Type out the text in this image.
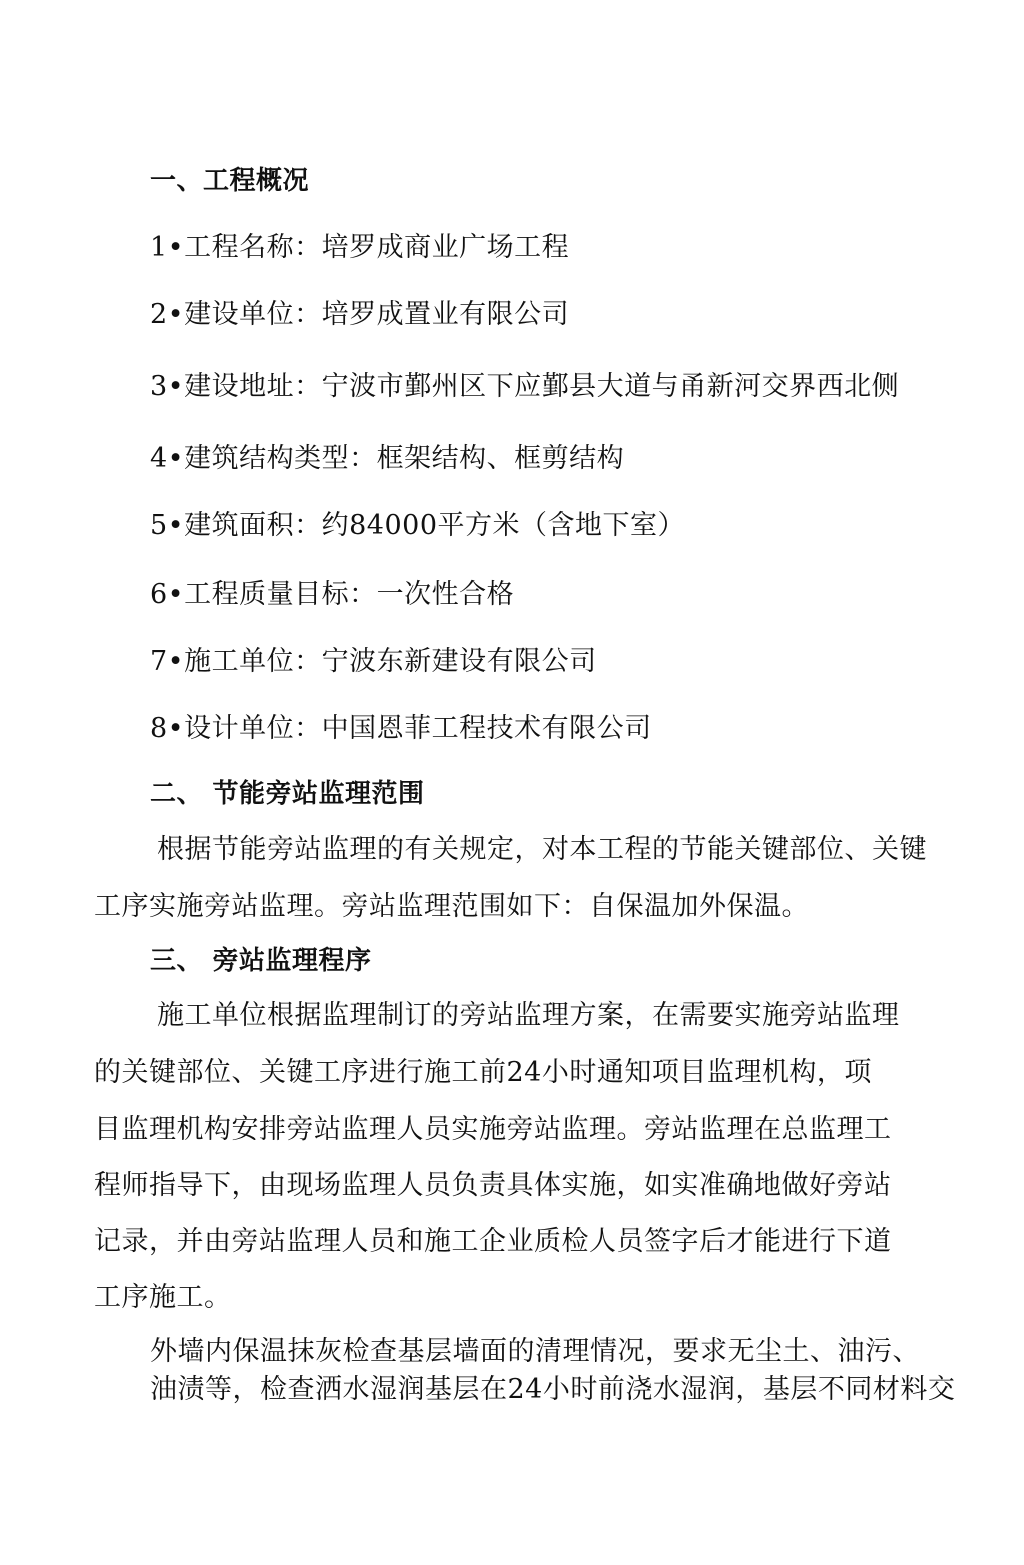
一、工程概况
1•工程名称：培罗成商业广场工程
2•建设单位：培罗成置业有限公司
3•建设地址：宁波市鄞州区下应鄞县大道与甬新河交界西北侧
4•建筑结构类型：框架结构、框剪结构
5•建筑面积：约84000平方米（含地下室）
6•工程质量目标：一次性合格
7•施工单位：宁波东新建设有限公司
8•设计单位：中国恩菲工程技术有限公司
二、 节能旁站监理范围
根据节能旁站监理的有关规定，对本工程的节能关键部位、关键
工序实施旁站监理。旁站监理范围如下：自保温加外保温。
三、 旁站监理程序
施工单位根据监理制订的旁站监理方案，在需要实施旁站监理
的关键部位、关键工序进行施工前24小时通知项目监理机构，项
目监理机构安排旁站监理人员实施旁站监理。旁站监理在总监理工
程师指导下，由现场监理人员负责具体实施，如实准确地做好旁站
记录，并由旁站监理人员和施工企业质检人员签字后才能进行下道
工序施工。
外墙内保温抹灰检查基层墙面的清理情况，要求无尘土、油污、
油渍等，检查洒水湿润基层在24小时前浇水湿润，基层不同材料交
